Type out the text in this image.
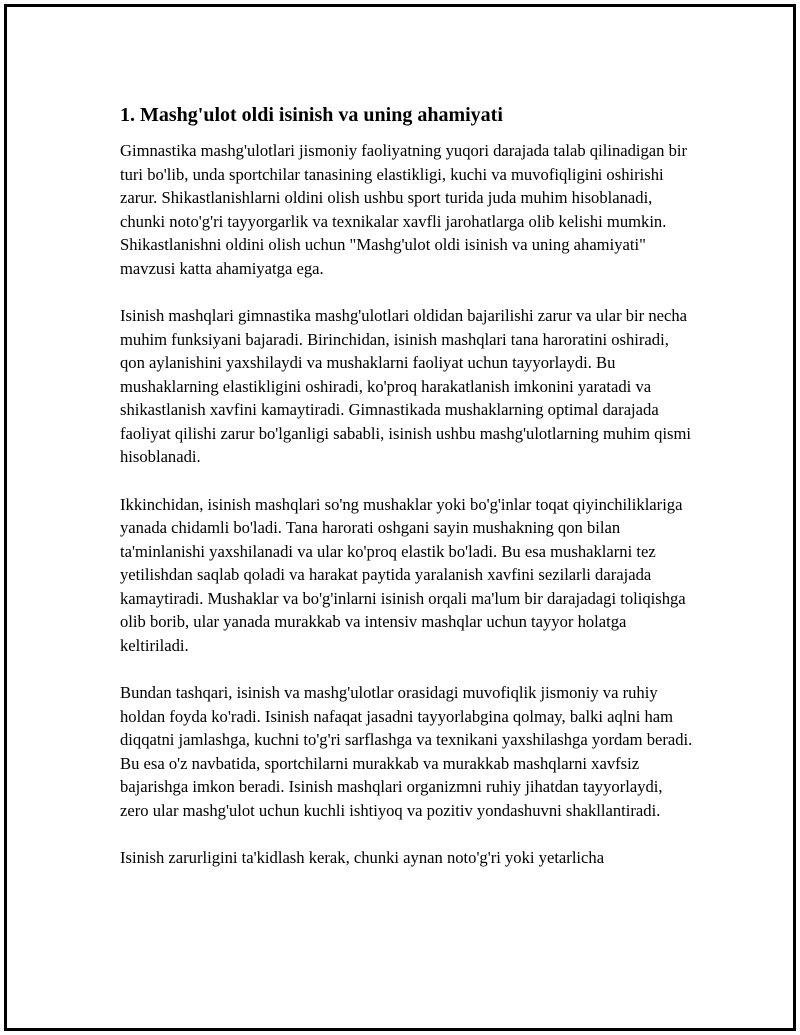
1. Mashg'ulot oldi isinish va uning ahamiyati

Gimnastika mashg'ulotlari jismoniy faoliyatning yuqori darajada talab qilinadigan bir turi bo'lib, unda sportchilar tanasining elastikligi, kuchi va muvofiqligini oshirishi zarur. Shikastlanishlarni oldini olish ushbu sport turida juda muhim hisoblanadi, chunki noto'g'ri tayyorgarlik va texnikalar xavfli jarohatlarga olib kelishi mumkin. Shikastlanishni oldini olish uchun "Mashg'ulot oldi isinish va uning ahamiyati" mavzusi katta ahamiyatga ega.

Isinish mashqlari gimnastika mashg'ulotlari oldidan bajarilishi zarur va ular bir necha muhim funksiyani bajaradi. Birinchidan, isinish mashqlari tana haroratini oshiradi, qon aylanishini yaxshilaydi va mushaklarni faoliyat uchun tayyorlaydi. Bu mushaklarning elastikligini oshiradi, ko'proq harakatlanish imkonini yaratadi va shikastlanish xavfini kamaytiradi. Gimnastikada mushaklarning optimal darajada faoliyat qilishi zarur bo'lganligi sababli, isinish ushbu mashg'ulotlarning muhim qismi hisoblanadi.

Ikkinchidan, isinish mashqlari so'ng mushaklar yoki bo'g'inlar toqat qiyinchiliklariga yanada chidamli bo'ladi. Tana harorati oshgani sayin mushakning qon bilan ta'minlanishi yaxshilanadi va ular ko'proq elastik bo'ladi. Bu esa mushaklarni tez yetilishdan saqlab qoladi va harakat paytida yaralanish xavfini sezilarli darajada kamaytiradi. Mushaklar va bo'g'inlarni isinish orqali ma'lum bir darajadagi toliqishga olib borib, ular yanada murakkab va intensiv mashqlar uchun tayyor holatga keltiriladi.

Bundan tashqari, isinish va mashg'ulotlar orasidagi muvofiqlik jismoniy va ruhiy holdan foyda ko'radi. Isinish nafaqat jasadni tayyorlabgina qolmay, balki aqlni ham diqqatni jamlashga, kuchni to'g'ri sarflashga va texnikani yaxshilashga yordam beradi. Bu esa o'z navbatida, sportchilarni murakkab va murakkab mashqlarni xavfsiz bajarishga imkon beradi. Isinish mashqlari organizmni ruhiy jihatdan tayyorlaydi, zero ular mashg'ulot uchun kuchli ishtiyoq va pozitiv yondashuvni shakllantiradi.

Isinish zarurligini ta'kidlash kerak, chunki aynan noto'g'ri yoki yetarlicha
